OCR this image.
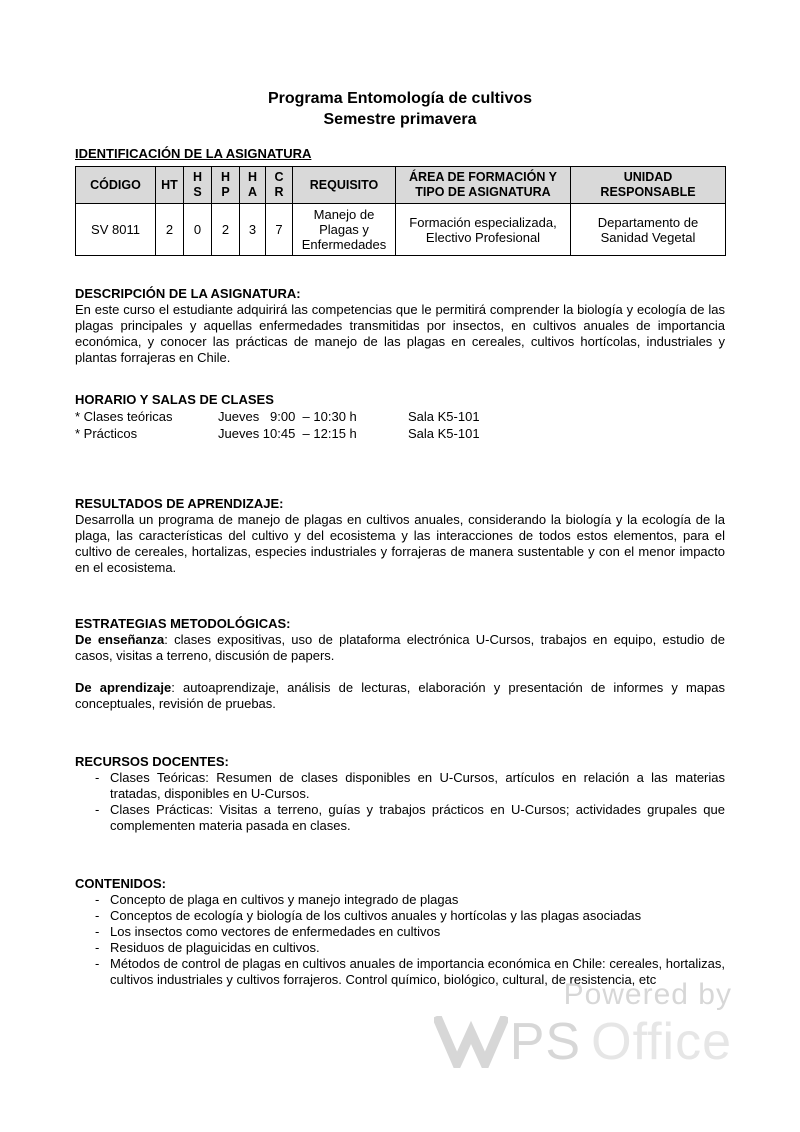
Programa Entomología de cultivos
Semestre primavera
IDENTIFICACIÓN DE LA ASIGNATURA
CÓDIGO	HT	HS	HP	HA	CR	REQUISITO	ÁREA DE FORMACIÓN Y TIPO DE ASIGNATURA	UNIDAD RESPONSABLE
SV 8011	2	0	2	3	7	Manejo de Plagas y Enfermedades	Formación especializada, Electivo Profesional	Departamento de Sanidad Vegetal
DESCRIPCIÓN DE LA ASIGNATURA:
En este curso el estudiante adquirirá las competencias que le permitirá comprender la biología y ecología de las plagas principales y aquellas enfermedades transmitidas por insectos, en cultivos anuales de importancia económica, y conocer las prácticas de manejo de las plagas en cereales, cultivos hortícolas, industriales y plantas forrajeras en Chile.
HORARIO Y SALAS DE CLASES
* Clases teóricas	Jueves   9:00  – 10:30 h	Sala K5-101
* Prácticos	Jueves 10:45  – 12:15 h	Sala K5-101
RESULTADOS DE APRENDIZAJE:
Desarrolla un programa de manejo de plagas en cultivos anuales, considerando la biología y la ecología de la plaga, las características del cultivo y del ecosistema y las interacciones de todos estos elementos, para el cultivo de cereales, hortalizas, especies industriales y forrajeras de manera sustentable y con el menor impacto en el ecosistema.
ESTRATEGIAS METODOLÓGICAS:
De enseñanza: clases expositivas, uso de plataforma electrónica U-Cursos, trabajos en equipo, estudio de casos, visitas a terreno, discusión de papers.
De aprendizaje: autoaprendizaje, análisis de lecturas, elaboración y presentación de informes y mapas conceptuales, revisión de pruebas.
RECURSOS DOCENTES:
- Clases Teóricas: Resumen de clases disponibles en U-Cursos, artículos en relación a las materias tratadas, disponibles en U-Cursos.
- Clases Prácticas: Visitas a terreno, guías y trabajos prácticos en U-Cursos; actividades grupales que complementen materia pasada en clases.
CONTENIDOS:
- Concepto de plaga en cultivos y manejo integrado de plagas
- Conceptos de ecología y biología de los cultivos anuales y hortícolas y las plagas asociadas
- Los insectos como vectores de enfermedades en cultivos
- Residuos de plaguicidas en cultivos.
- Métodos de control de plagas en cultivos anuales de importancia económica en Chile: cereales, hortalizas, cultivos industriales y cultivos forrajeros. Control químico, biológico, cultural, de resistencia, etc
Powered by
PS Office
